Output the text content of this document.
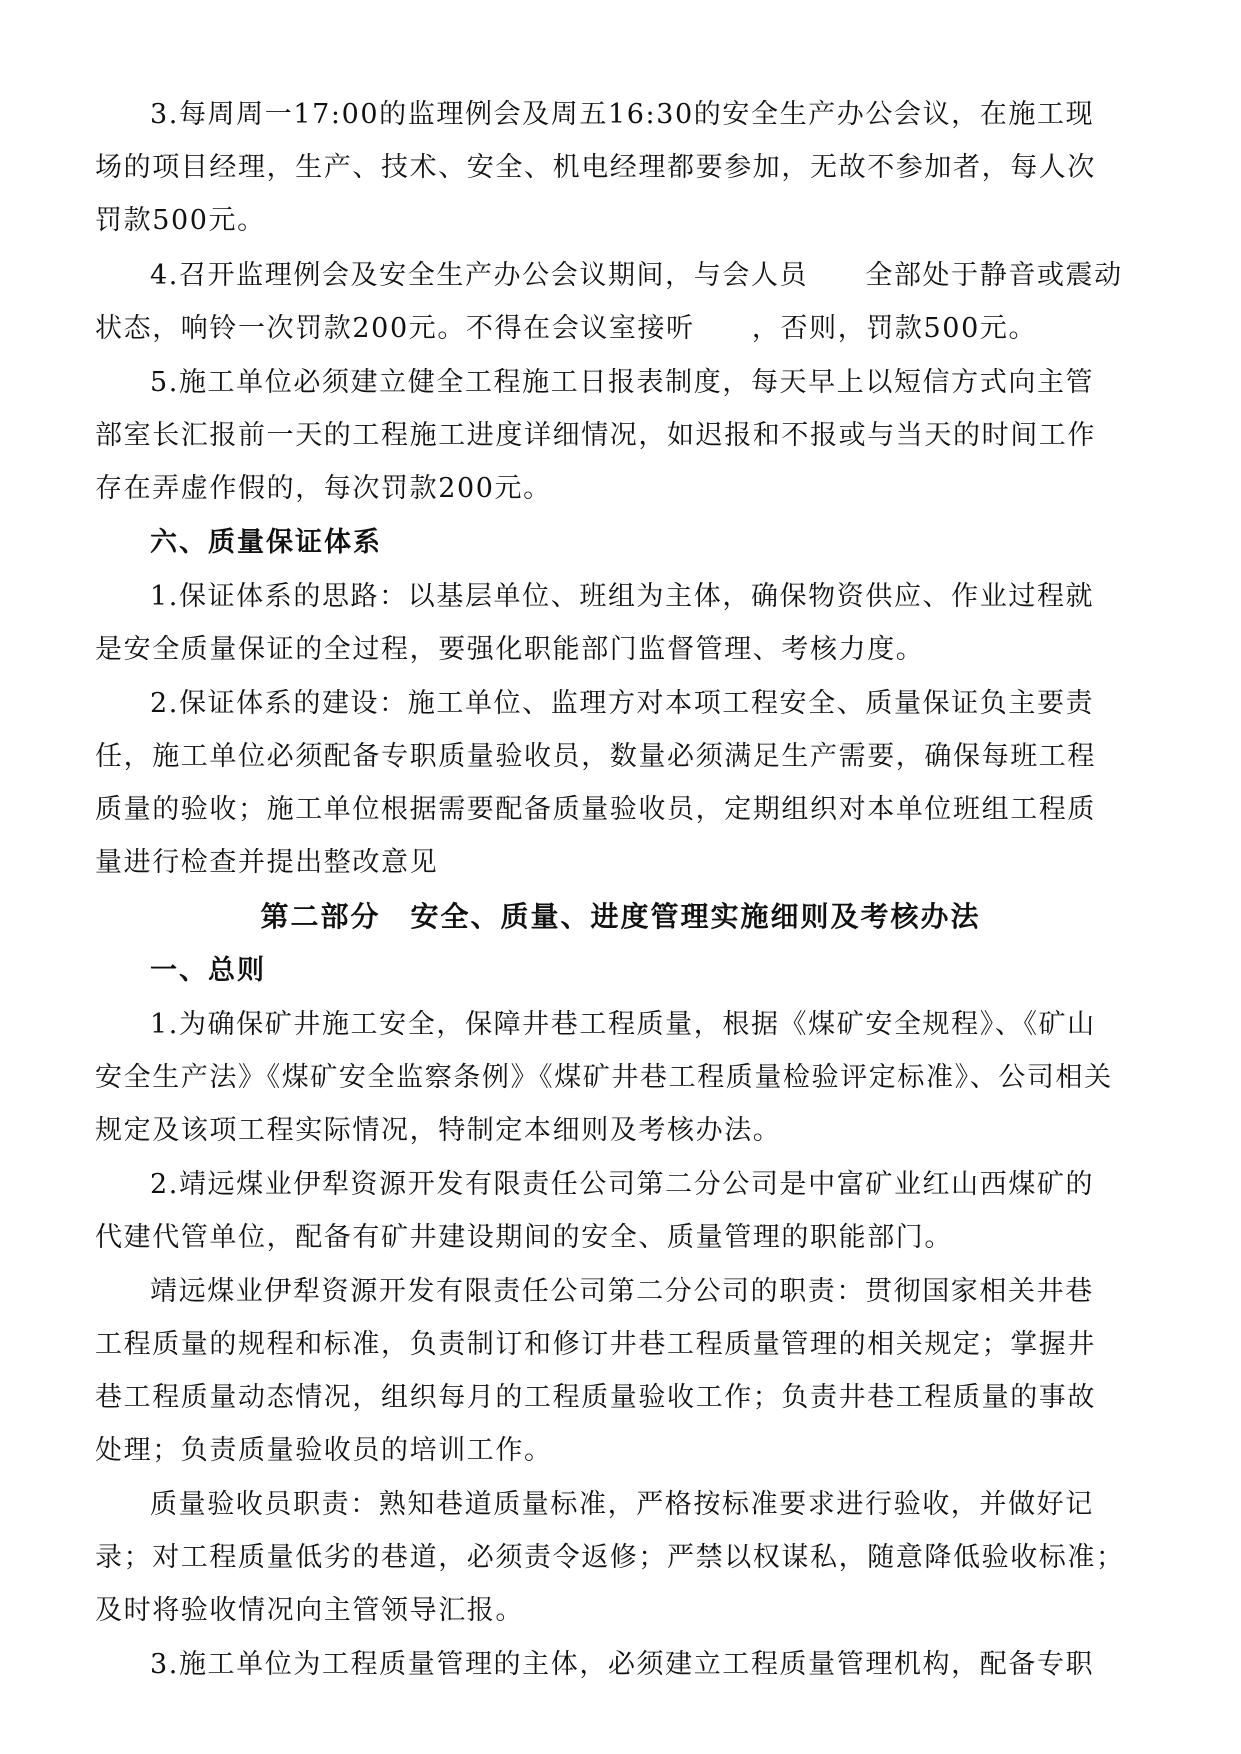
3.每周周一17:00的监理例会及周五16:30的安全生产办公会议，在施工现
场的项目经理，生产、技术、安全、机电经理都要参加，无故不参加者，每人次
罚款500元。
4.召开监理例会及安全生产办公会议期间，与会人员　　全部处于静音或震动
状态，响铃一次罚款200元。不得在会议室接听　　，否则，罚款500元。
5.施工单位必须建立健全工程施工日报表制度，每天早上以短信方式向主管
部室长汇报前一天的工程施工进度详细情况，如迟报和不报或与当天的时间工作
存在弄虚作假的，每次罚款200元。
六、质量保证体系
1.保证体系的思路：以基层单位、班组为主体，确保物资供应、作业过程就
是安全质量保证的全过程，要强化职能部门监督管理、考核力度。
2.保证体系的建设：施工单位、监理方对本项工程安全、质量保证负主要责
任，施工单位必须配备专职质量验收员，数量必须满足生产需要，确保每班工程
质量的验收；施工单位根据需要配备质量验收员，定期组织对本单位班组工程质
量进行检查并提出整改意见
第二部分　安全、质量、进度管理实施细则及考核办法
一、总则
1.为确保矿井施工安全，保障井巷工程质量，根据《煤矿安全规程》、《矿山
安全生产法》《煤矿安全监察条例》《煤矿井巷工程质量检验评定标准》、公司相关
规定及该项工程实际情况，特制定本细则及考核办法。
2.靖远煤业伊犁资源开发有限责任公司第二分公司是中富矿业红山西煤矿的
代建代管单位，配备有矿井建设期间的安全、质量管理的职能部门。
靖远煤业伊犁资源开发有限责任公司第二分公司的职责：贯彻国家相关井巷
工程质量的规程和标准，负责制订和修订井巷工程质量管理的相关规定；掌握井
巷工程质量动态情况，组织每月的工程质量验收工作；负责井巷工程质量的事故
处理；负责质量验收员的培训工作。
质量验收员职责：熟知巷道质量标准，严格按标准要求进行验收，并做好记
录；对工程质量低劣的巷道，必须责令返修；严禁以权谋私，随意降低验收标准；
及时将验收情况向主管领导汇报。
3.施工单位为工程质量管理的主体，必须建立工程质量管理机构，配备专职
